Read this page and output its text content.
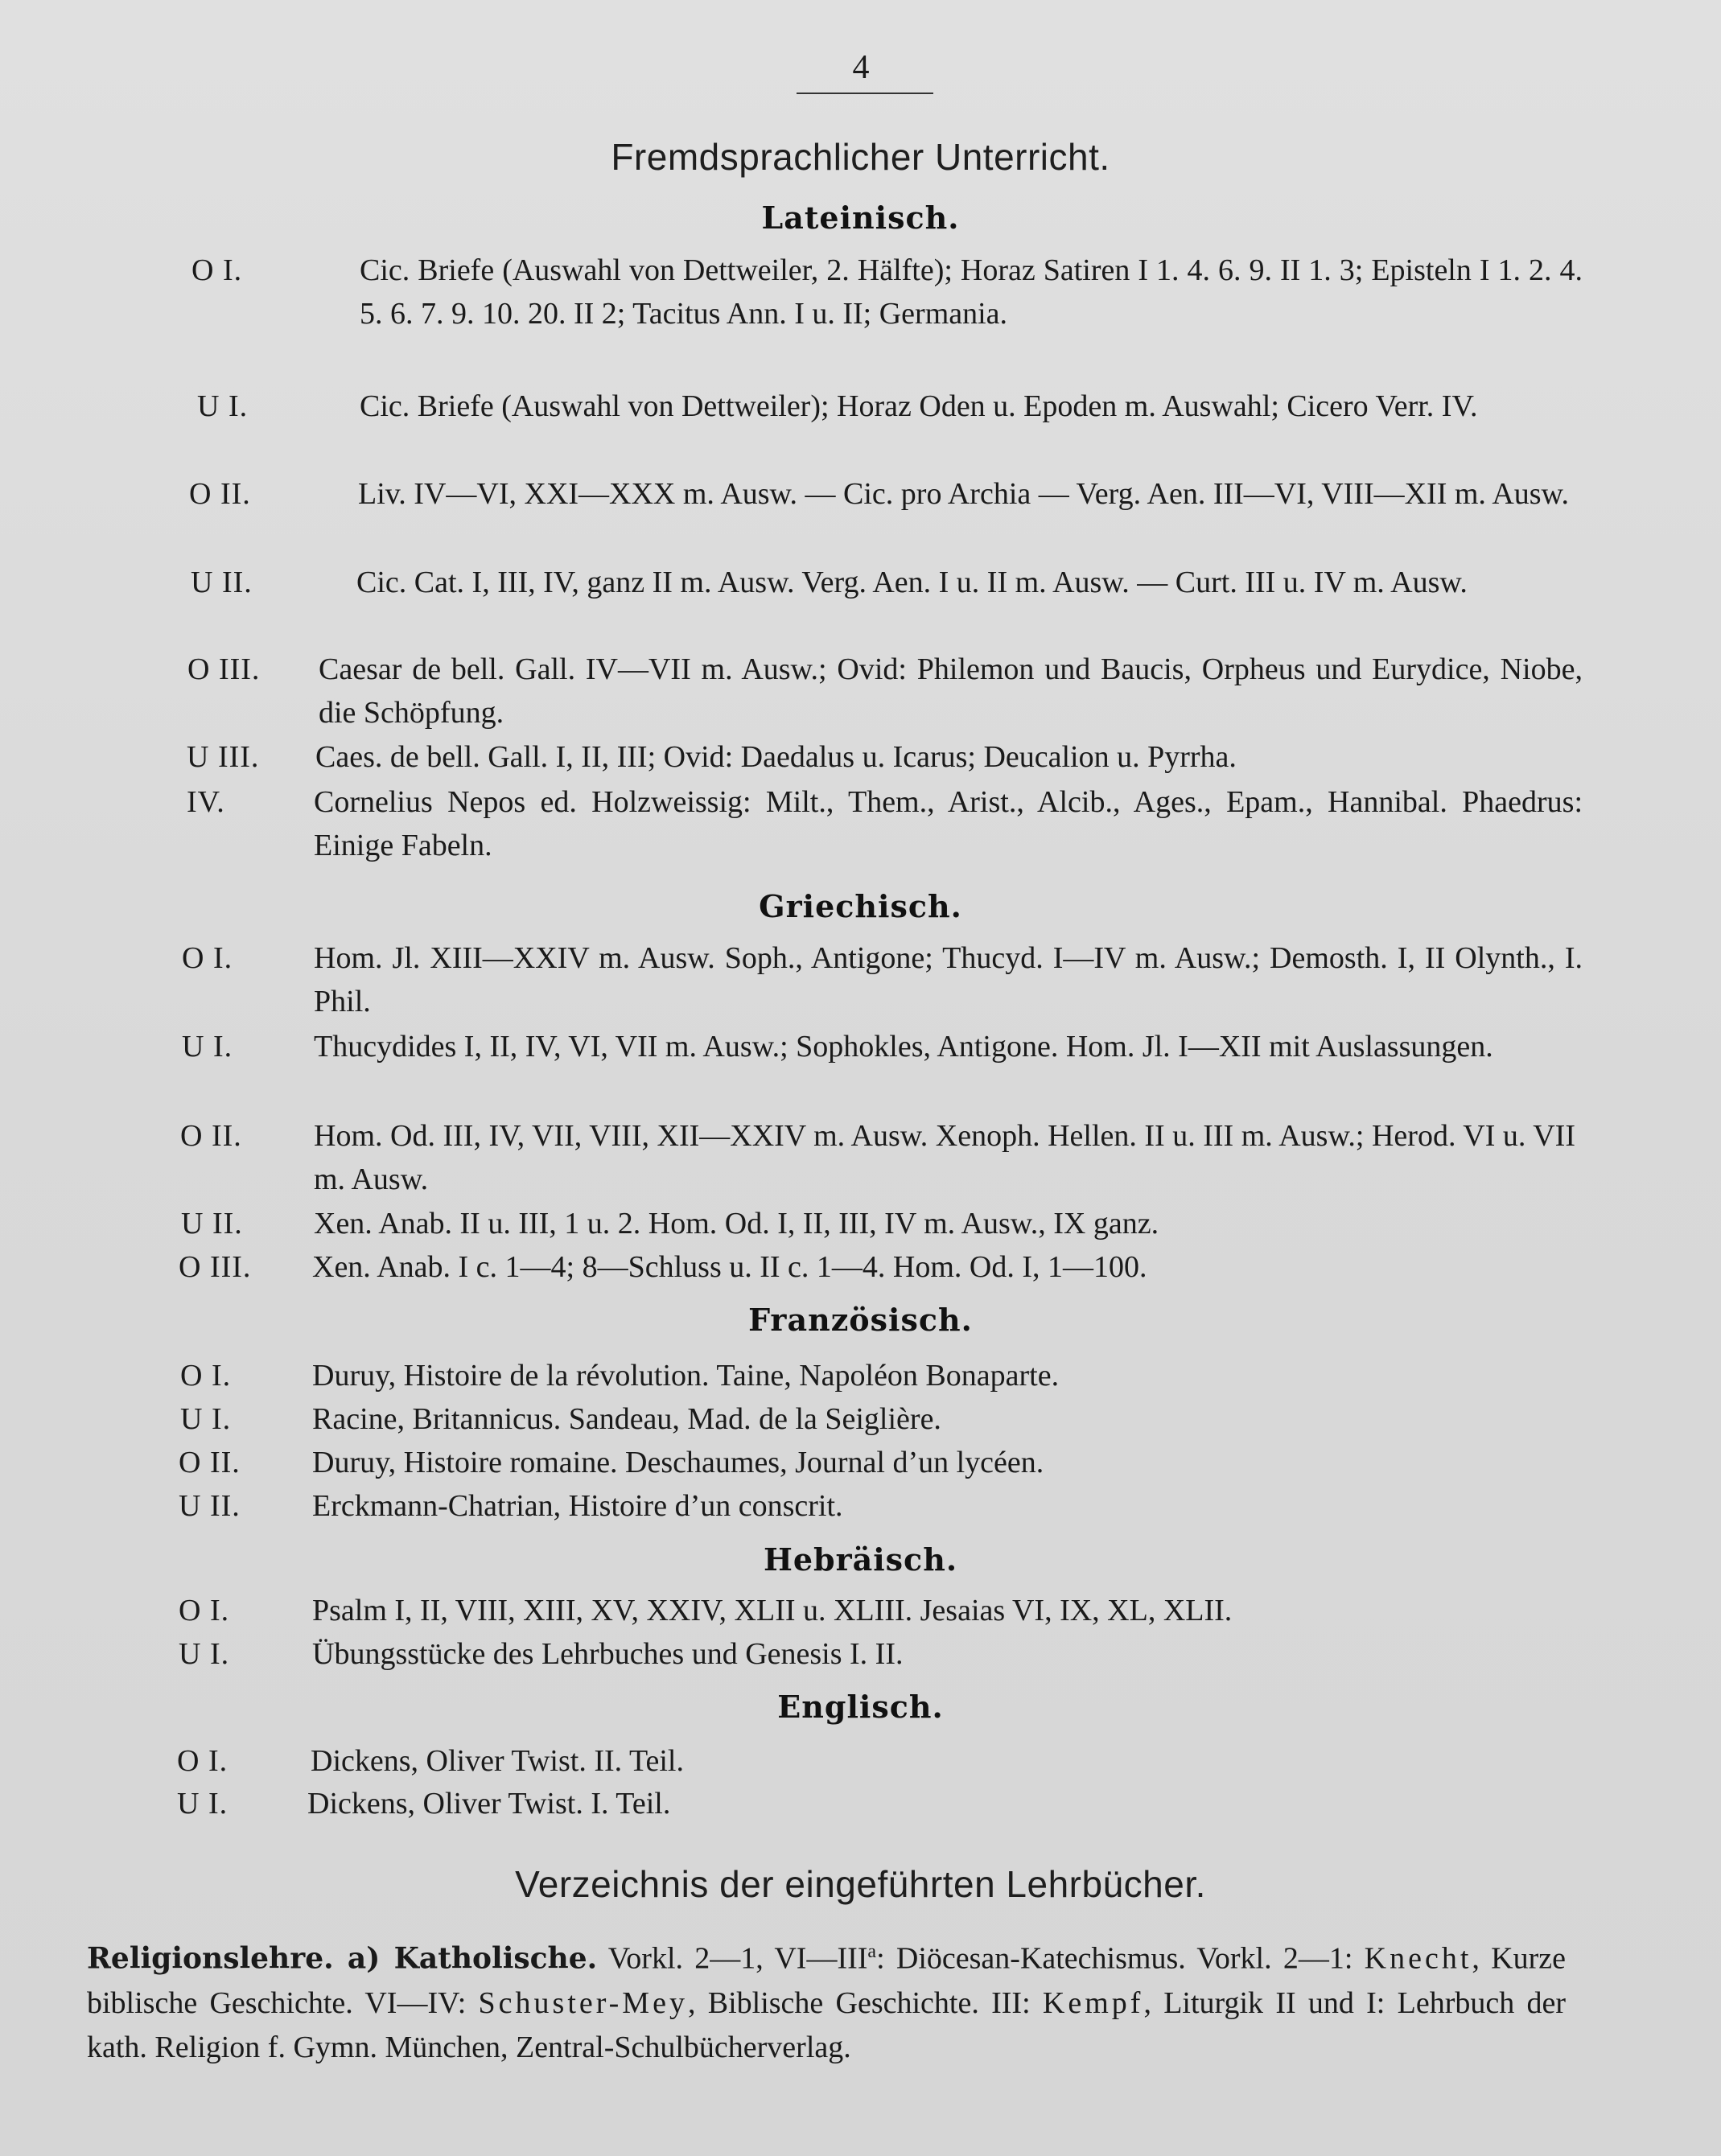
4
Fremdsprachlicher Unterricht.
Lateinisch.
O I.	Cic. Briefe (Auswahl von Dettweiler, 2. Hälfte); Horaz Satiren I 1. 4. 6. 9. II 1. 3; Episteln I 1. 2. 4. 5. 6. 7. 9. 10. 20. II 2; Tacitus Ann. I u. II; Germania.
U I.	Cic. Briefe (Auswahl von Dettweiler); Horaz Oden u. Epoden m. Auswahl; Cicero Verr. IV.
O II.	Liv. IV—VI, XXI—XXX m. Ausw. — Cic. pro Archia — Verg. Aen. III—VI, VIII—XII m. Ausw.
U II.	Cic. Cat. I, III, IV, ganz II m. Ausw. Verg. Aen. I u. II m. Ausw. — Curt. III u. IV m. Ausw.
O III. Caesar de bell. Gall. IV—VII m. Ausw.; Ovid: Philemon und Baucis, Orpheus und Eurydice, Niobe, die Schöpfung.
U III. Caes. de bell. Gall. I, II, III; Ovid: Daedalus u. Icarus; Deucalion u. Pyrrha.
IV.	Cornelius Nepos ed. Holzweissig: Milt., Them., Arist., Alcib., Ages., Epam., Hannibal. Phaedrus: Einige Fabeln.
Griechisch.
O I.	Hom. Jl. XIII—XXIV m. Ausw. Soph., Antigone; Thucyd. I—IV m. Ausw.; Demosth. I, II Olynth., I. Phil.
U I.	Thucydides I, II, IV, VI, VII m. Ausw.; Sophokles, Antigone. Hom. Jl. I—XII mit Auslassungen.
O II. Hom. Od. III, IV, VII, VIII, XII—XXIV m. Ausw. Xenoph. Hellen. II u. III m. Ausw.; Herod. VI u. VII m. Ausw.
U II. Xen. Anab. II u. III, 1 u. 2. Hom. Od. I, II, III, IV m. Ausw., IX ganz.
O III. Xen. Anab. I c. 1—4; 8—Schluss u. II c. 1—4. Hom. Od. I, 1—100.
Französisch.
O I.	Duruy, Histoire de la révolution. Taine, Napoléon Bonaparte.
U I.	Racine, Britannicus. Sandeau, Mad. de la Seiglière.
O II. Duruy, Histoire romaine. Deschaumes, Journal d’un lycéen.
U II. Erckmann-Chatrian, Histoire d’un conscrit.
Hebräisch.
O I.	Psalm I, II, VIII, XIII, XV, XXIV, XLII u. XLIII. Jesaias VI, IX, XL, XLII.
U I.	Übungsstücke des Lehrbuches und Genesis I. II.
Englisch.
O I.	Dickens, Oliver Twist. II. Teil.
U I.	Dickens, Oliver Twist. I. Teil.
Verzeichnis der eingeführten Lehrbücher.
Religionslehre. a) Katholische. Vorkl. 2—1, VI—III$^a$: Diöcesan-Katechismus. Vorkl. 2—1: Knecht, Kurze biblische Geschichte. VI—IV: Schuster-Mey, Biblische Geschichte. III: Kempf, Liturgik II und I: Lehrbuch der kath. Religion f. Gymn. München, Zentral-Schulbücherverlag.
